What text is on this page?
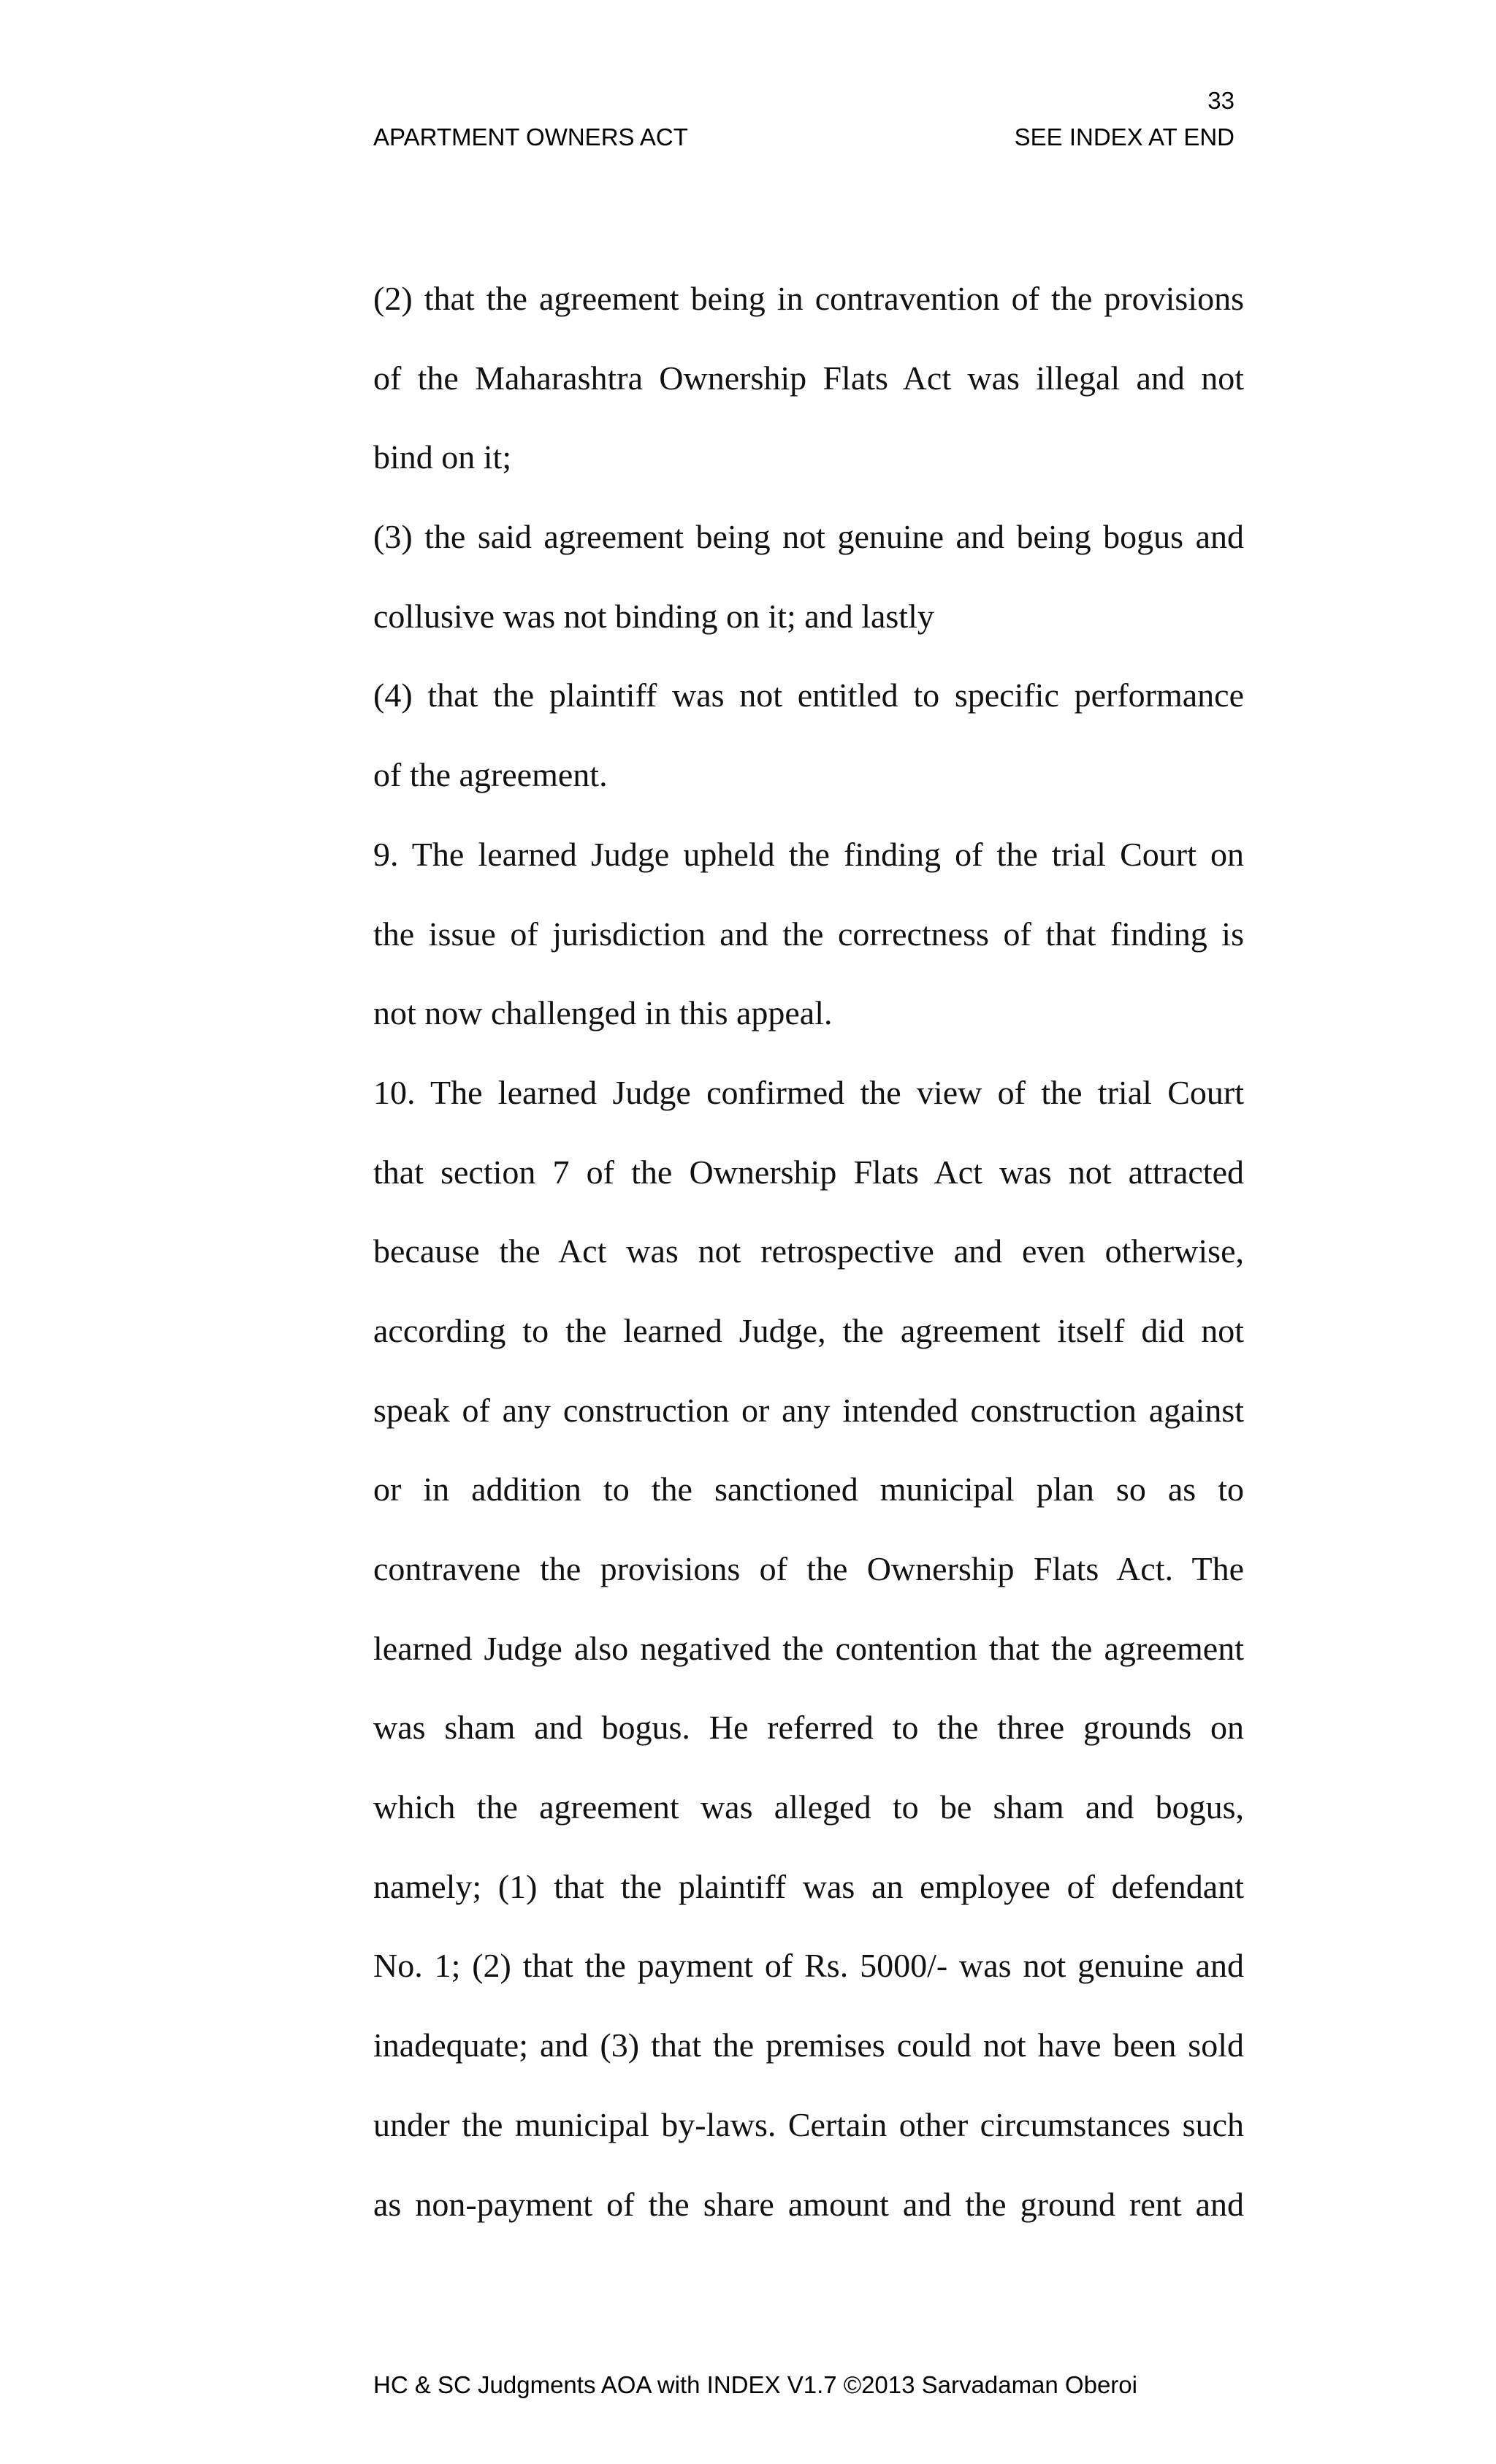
33
APARTMENT OWNERS ACT	SEE INDEX AT END
(2) that the agreement being in contravention of the provisions
of the Maharashtra Ownership Flats Act was illegal and not
bind on it;
(3) the said agreement being not genuine and being bogus and
collusive was not binding on it; and lastly
(4) that the plaintiff was not entitled to specific performance
of the agreement.
9. The learned Judge upheld the finding of the trial Court on
the issue of jurisdiction and the correctness of that finding is
not now challenged in this appeal.
10. The learned Judge confirmed the view of the trial Court
that section 7 of the Ownership Flats Act was not attracted
because the Act was not retrospective and even otherwise,
according to the learned Judge, the agreement itself did not
speak of any construction or any intended construction against
or in addition to the sanctioned municipal plan so as to
contravene the provisions of the Ownership Flats Act. The
learned Judge also negatived the contention that the agreement
was sham and bogus. He referred to the three grounds on
which the agreement was alleged to be sham and bogus,
namely; (1) that the plaintiff was an employee of defendant
No. 1; (2) that the payment of Rs. 5000/- was not genuine and
inadequate; and (3) that the premises could not have been sold
under the municipal by-laws. Certain other circumstances such
as non-payment of the share amount and the ground rent and
HC & SC Judgments AOA with INDEX V1.7 ©2013 Sarvadaman Oberoi
